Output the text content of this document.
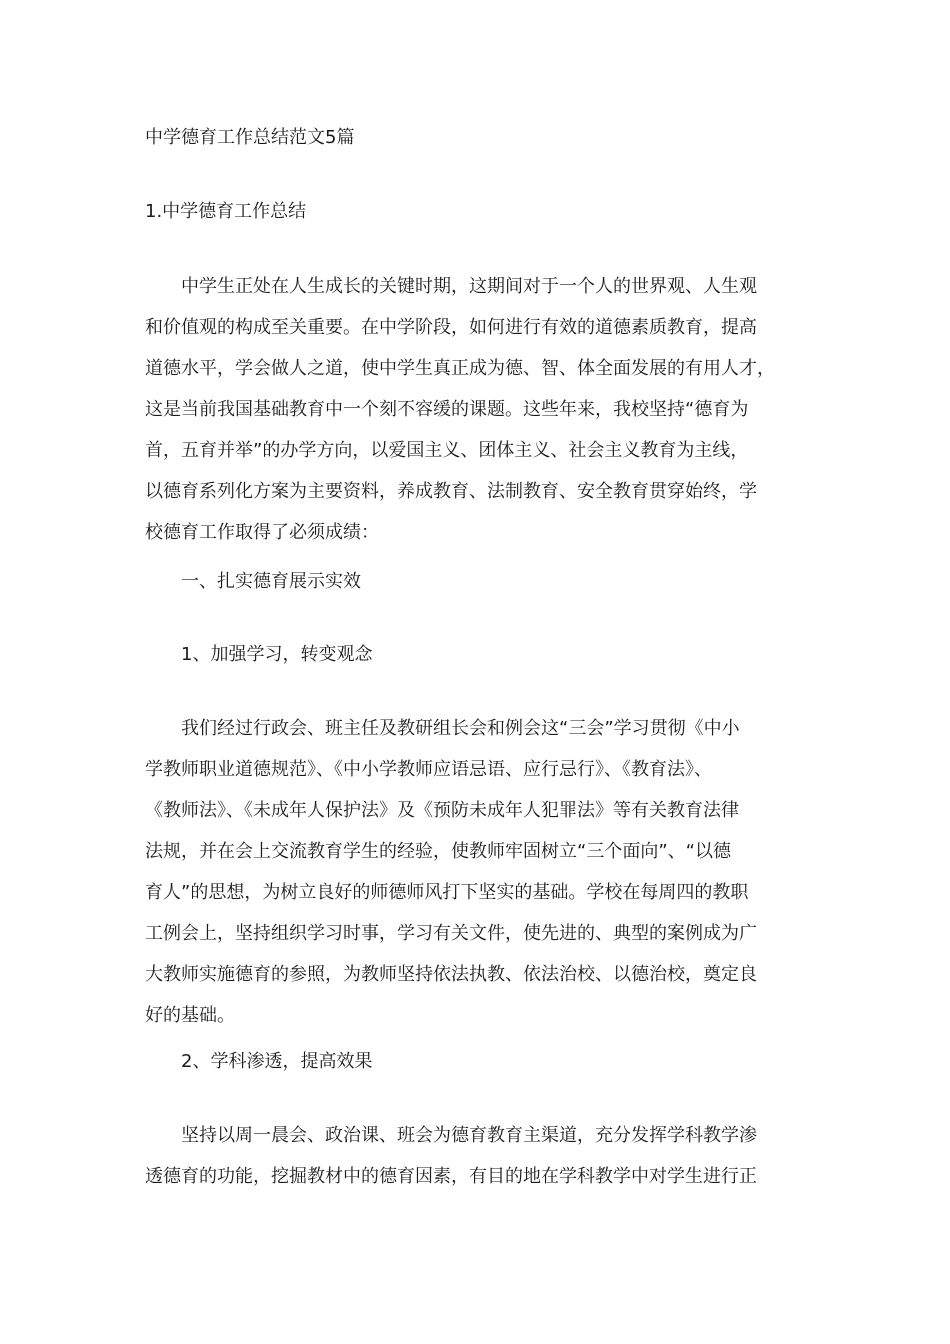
中学德育工作总结范文5篇
1.中学德育工作总结
中学生正处在人生成长的关键时期，这期间对于一个人的世界观、人生观
和价值观的构成至关重要。在中学阶段，如何进行有效的道德素质教育，提高
道德水平，学会做人之道，使中学生真正成为德、智、体全面发展的有用人才，
这是当前我国基础教育中一个刻不容缓的课题。这些年来，我校坚持“德育为
首，五育并举”的办学方向，以爱国主义、团体主义、社会主义教育为主线，
以德育系列化方案为主要资料，养成教育、法制教育、安全教育贯穿始终，学
校德育工作取得了必须成绩：
一、扎实德育展示实效
1、加强学习，转变观念
我们经过行政会、班主任及教研组长会和例会这“三会”学习贯彻《中小
学教师职业道德规范》、《中小学教师应语忌语、应行忌行》、《教育法》、
《教师法》、《未成年人保护法》及《预防未成年人犯罪法》等有关教育法律
法规，并在会上交流教育学生的经验，使教师牢固树立“三个面向”、“以德
育人”的思想，为树立良好的师德师风打下坚实的基础。学校在每周四的教职
工例会上，坚持组织学习时事，学习有关文件，使先进的、典型的案例成为广
大教师实施德育的参照，为教师坚持依法执教、依法治校、以德治校，奠定良
好的基础。
2、学科渗透，提高效果
坚持以周一晨会、政治课、班会为德育教育主渠道，充分发挥学科教学渗
透德育的功能，挖掘教材中的德育因素，有目的地在学科教学中对学生进行正
